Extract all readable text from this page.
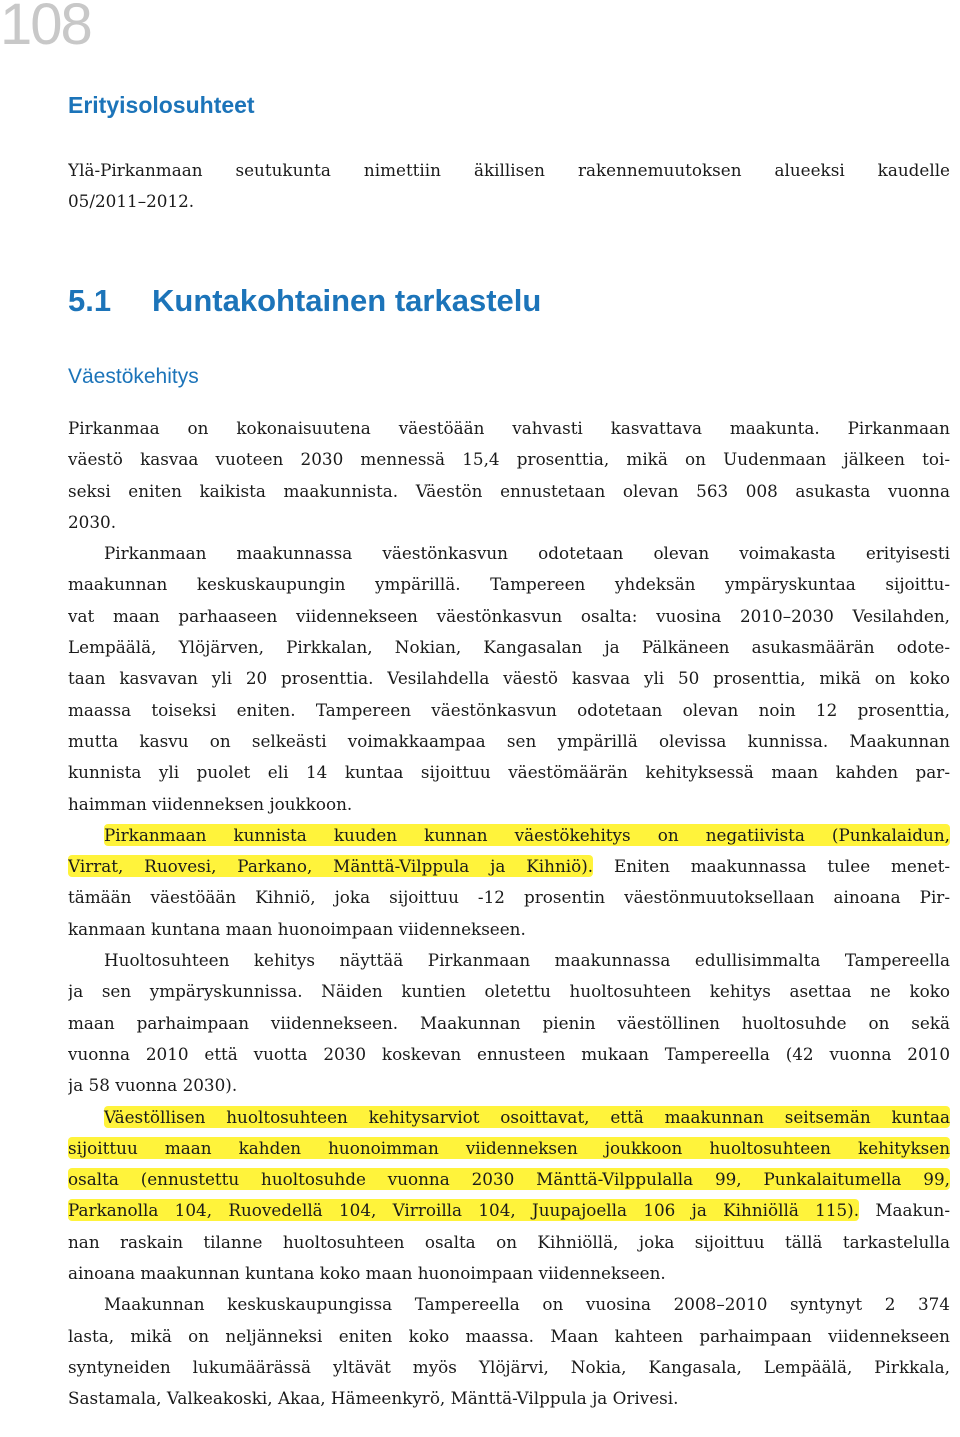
108
Erityisolosuhteet
Ylä-Pirkanmaan seutukunta nimettiin äkillisen rakennemuutoksen alueeksi kaudelle
05/2011–2012.
5.1 Kuntakohtainen tarkastelu
Väestökehitys
Pirkanmaa on kokonaisuutena väestöään vahvasti kasvattava maakunta. Pirkanmaan
väestö kasvaa vuoteen 2030 mennessä 15,4 prosenttia, mikä on Uudenmaan jälkeen toi-
seksi eniten kaikista maakunnista. Väestön ennustetaan olevan 563 008 asukasta vuonna
2030.
Pirkanmaan maakunnassa väestönkasvun odotetaan olevan voimakasta erityisesti
maakunnan keskuskaupungin ympärillä. Tampereen yhdeksän ympäryskuntaa sijoittu-
vat maan parhaaseen viidennekseen väestönkasvun osalta: vuosina 2010–2030 Vesilahden,
Lempäälä, Ylöjärven, Pirkkalan, Nokian, Kangasalan ja Pälkäneen asukasmäärän odote-
taan kasvavan yli 20 prosenttia. Vesilahdella väestö kasvaa yli 50 prosenttia, mikä on koko
maassa toiseksi eniten. Tampereen väestönkasvun odotetaan olevan noin 12 prosenttia,
mutta kasvu on selkeästi voimakkaampaa sen ympärillä olevissa kunnissa. Maakunnan
kunnista yli puolet eli 14 kuntaa sijoittuu väestömäärän kehityksessä maan kahden par-
haimman viidenneksen joukkoon.
Pirkanmaan kunnista kuuden kunnan väestökehitys on negatiivista (Punkalaidun,
Virrat, Ruovesi, Parkano, Mänttä-Vilppula ja Kihniö). Eniten maakunnassa tulee menet-
tämään väestöään Kihniö, joka sijoittuu -12 prosentin väestönmuutoksellaan ainoana Pir-
kanmaan kuntana maan huonoimpaan viidennekseen.
Huoltosuhteen kehitys näyttää Pirkanmaan maakunnassa edullisimmalta Tampereella
ja sen ympäryskunnissa. Näiden kuntien oletettu huoltosuhteen kehitys asettaa ne koko
maan parhaimpaan viidennekseen. Maakunnan pienin väestöllinen huoltosuhde on sekä
vuonna 2010 että vuotta 2030 koskevan ennusteen mukaan Tampereella (42 vuonna 2010
ja 58 vuonna 2030).
Väestöllisen huoltosuhteen kehitysarviot osoittavat, että maakunnan seitsemän kuntaa
sijoittuu maan kahden huonoimman viidenneksen joukkoon huoltosuhteen kehityksen
osalta (ennustettu huoltosuhde vuonna 2030 Mänttä-Vilppulalla 99, Punkalaitumella 99,
Parkanolla 104, Ruovedellä 104, Virroilla 104, Juupajoella 106 ja Kihniöllä 115). Maakun-
nan raskain tilanne huoltosuhteen osalta on Kihniöllä, joka sijoittuu tällä tarkastelulla
ainoana maakunnan kuntana koko maan huonoimpaan viidennekseen.
Maakunnan keskuskaupungissa Tampereella on vuosina 2008–2010 syntynyt 2 374
lasta, mikä on neljänneksi eniten koko maassa. Maan kahteen parhaimpaan viidennekseen
syntyneiden lukumäärässä yltävät myös Ylöjärvi, Nokia, Kangasala, Lempäälä, Pirkkala,
Sastamala, Valkeakoski, Akaa, Hämeenkyrö, Mänttä-Vilppula ja Orivesi.
